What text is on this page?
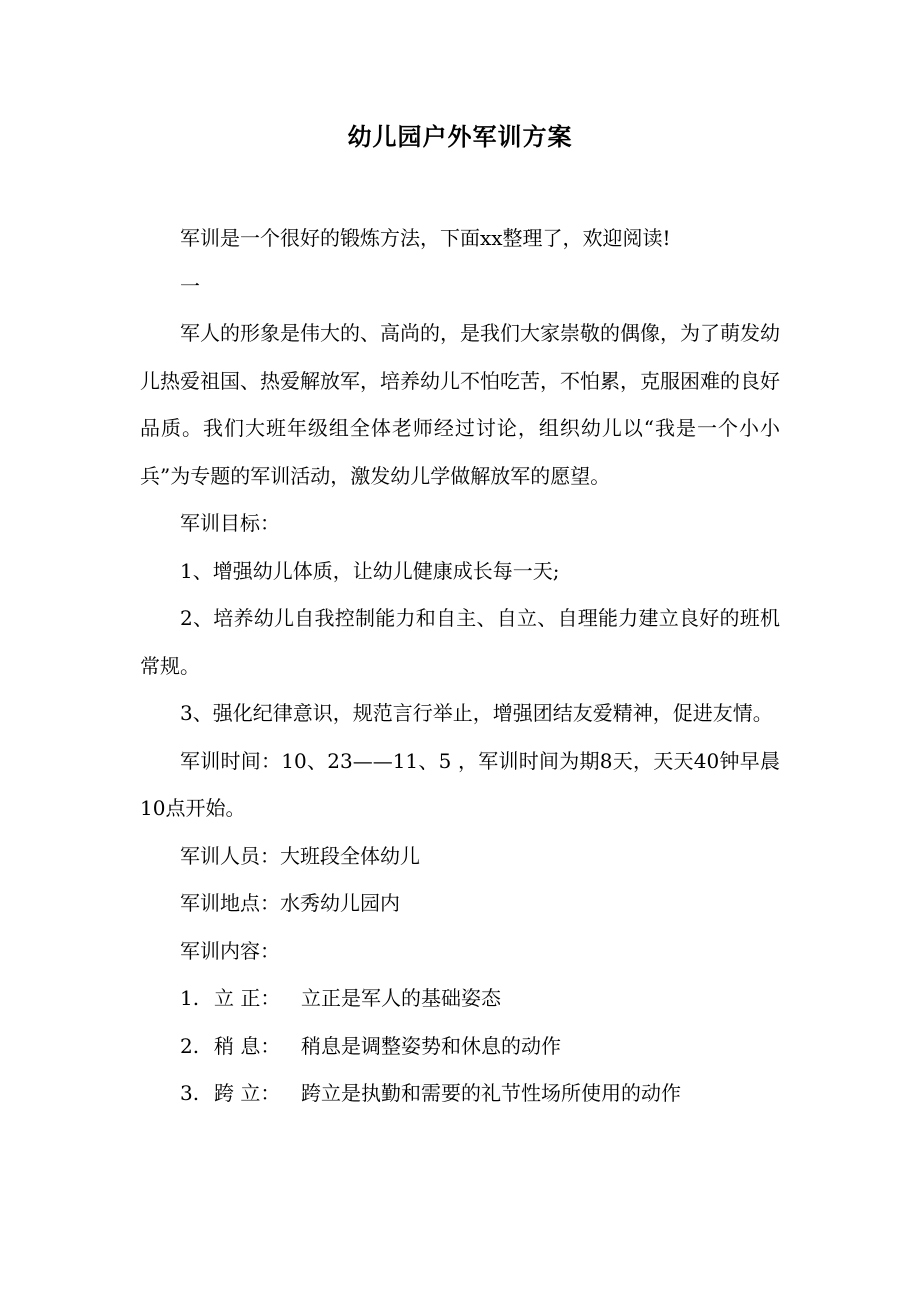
幼儿园户外军训方案

军训是一个很好的锻炼方法，下面xx整理了，欢迎阅读!

一

军人的形象是伟大的、高尚的，是我们大家崇敬的偶像，为了萌发幼儿热爱祖国、热爱解放军，培养幼儿不怕吃苦，不怕累，克服困难的良好品质。我们大班年级组全体老师经过讨论，组织幼儿以“我是一个小小兵”为专题的军训活动，激发幼儿学做解放军的愿望。

军训目标：

1、增强幼儿体质，让幼儿健康成长每一天;

2、培养幼儿自我控制能力和自主、自立、自理能力建立良好的班机常规。

3、强化纪律意识，规范言行举止，增强团结友爱精神，促进友情。

军训时间：10、23——11、5 ，军训时间为期8天，天天40钟早晨10点开始。

军训人员：大班段全体幼儿

军训地点：水秀幼儿园内

军训内容：

1. 立 正： 立正是军人的基础姿态

2. 稍 息： 稍息是调整姿势和休息的动作

3. 跨 立： 跨立是执勤和需要的礼节性场所使用的动作
